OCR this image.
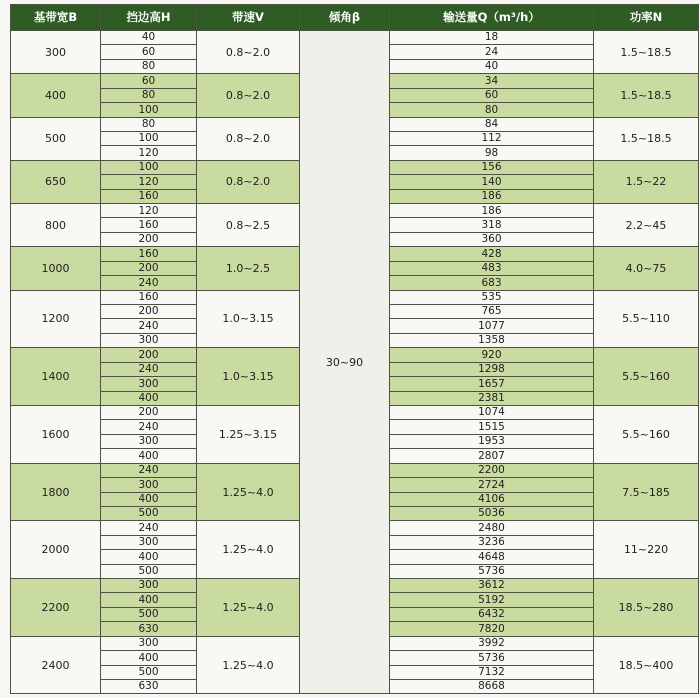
基带宽B	挡边高H	带速V	倾角β	输送量Q（m³/h）	功率N
300	40	0.8~2.0	30~90	18	1.5~18.5
	60			24	
	80			40	
400	60	0.8~2.0		34	1.5~18.5
	80			60	
	100			80	
500	80	0.8~2.0		84	1.5~18.5
	100			112	
	120			98	
650	100	0.8~2.0		156	1.5~22
	120			140	
	160			186	
800	120	0.8~2.5		186	2.2~45
	160			318	
	200			360	
1000	160	1.0~2.5		428	4.0~75
	200			483	
	240			683	
1200	160	1.0~3.15		535	5.5~110
	200			765	
	240			1077	
	300			1358	
1400	200	1.0~3.15		920	5.5~160
	240			1298	
	300			1657	
	400			2381	
1600	200	1.25~3.15		1074	5.5~160
	240			1515	
	300			1953	
	400			2807	
1800	240	1.25~4.0		2200	7.5~185
	300			2724	
	400			4106	
	500			5036	
2000	240	1.25~4.0		2480	11~220
	300			3236	
	400			4648	
	500			5736	
2200	300	1.25~4.0		3612	18.5~280
	400			5192	
	500			6432	
	630			7820	
2400	300	1.25~4.0		3992	18.5~400
	400			5736	
	500			7132	
	630			8668	
